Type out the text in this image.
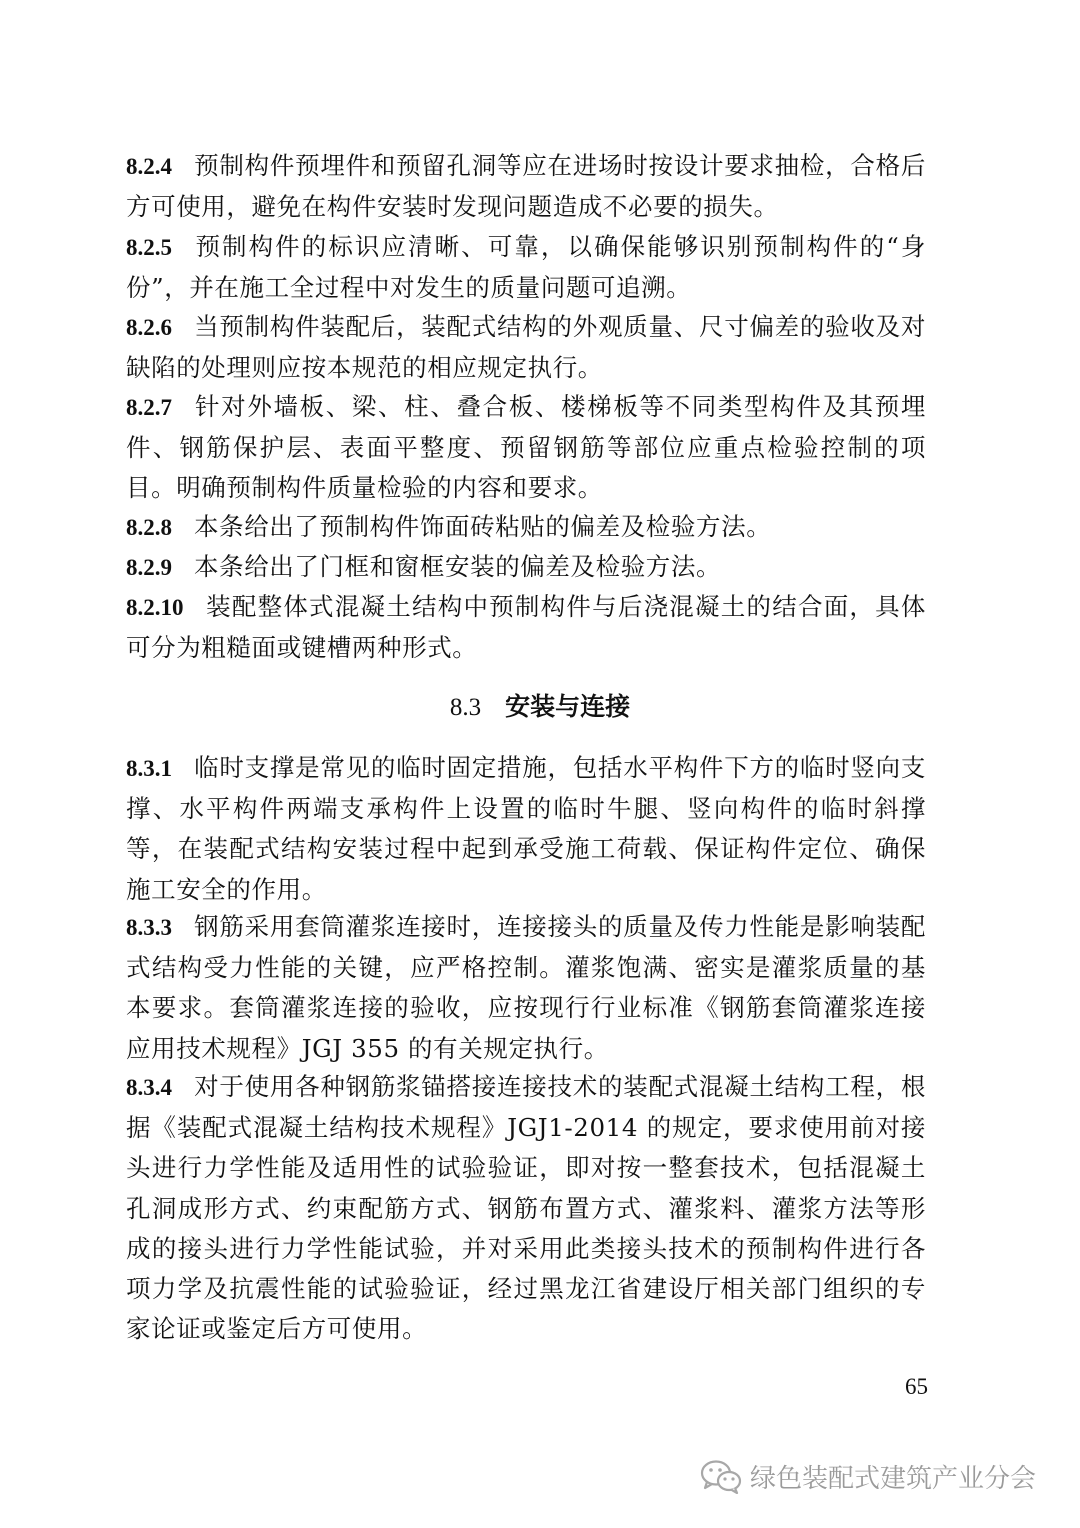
8.2.4 预制构件预埋件和预留孔洞等应在进场时按设计要求抽检，合格后方可使用，避免在构件安装时发现问题造成不必要的损失。

8.2.5 预制构件的标识应清晰、可靠，以确保能够识别预制构件的“身份”，并在施工全过程中对发生的质量问题可追溯。

8.2.6 当预制构件装配后，装配式结构的外观质量、尺寸偏差的验收及对缺陷的处理则应按本规范的相应规定执行。

8.2.7 针对外墙板、梁、柱、叠合板、楼梯板等不同类型构件及其预埋件、钢筋保护层、表面平整度、预留钢筋等部位应重点检验控制的项目。明确预制构件质量检验的内容和要求。

8.2.8 本条给出了预制构件饰面砖粘贴的偏差及检验方法。

8.2.9 本条给出了门框和窗框安装的偏差及检验方法。

8.2.10 装配整体式混凝土结构中预制构件与后浇混凝土的结合面，具体可分为粗糙面或键槽两种形式。

8.3 安装与连接

8.3.1 临时支撑是常见的临时固定措施，包括水平构件下方的临时竖向支撑、水平构件两端支承构件上设置的临时牛腿、竖向构件的临时斜撑等，在装配式结构安装过程中起到承受施工荷载、保证构件定位、确保施工安全的作用。

8.3.3 钢筋采用套筒灌浆连接时，连接接头的质量及传力性能是影响装配式结构受力性能的关键，应严格控制。灌浆饱满、密实是灌浆质量的基本要求。套筒灌浆连接的验收，应按现行行业标准《钢筋套筒灌浆连接应用技术规程》JGJ 355 的有关规定执行。

8.3.4 对于使用各种钢筋浆锚搭接连接技术的装配式混凝土结构工程，根据《装配式混凝土结构技术规程》JGJ1-2014 的规定，要求使用前对接头进行力学性能及适用性的试验验证，即对按一整套技术，包括混凝土孔洞成形方式、约束配筋方式、钢筋布置方式、灌浆料、灌浆方法等形成的接头进行力学性能试验，并对采用此类接头技术的预制构件进行各项力学及抗震性能的试验验证，经过黑龙江省建设厅相关部门组织的专家论证或鉴定后方可使用。

65
绿色装配式建筑产业分会
